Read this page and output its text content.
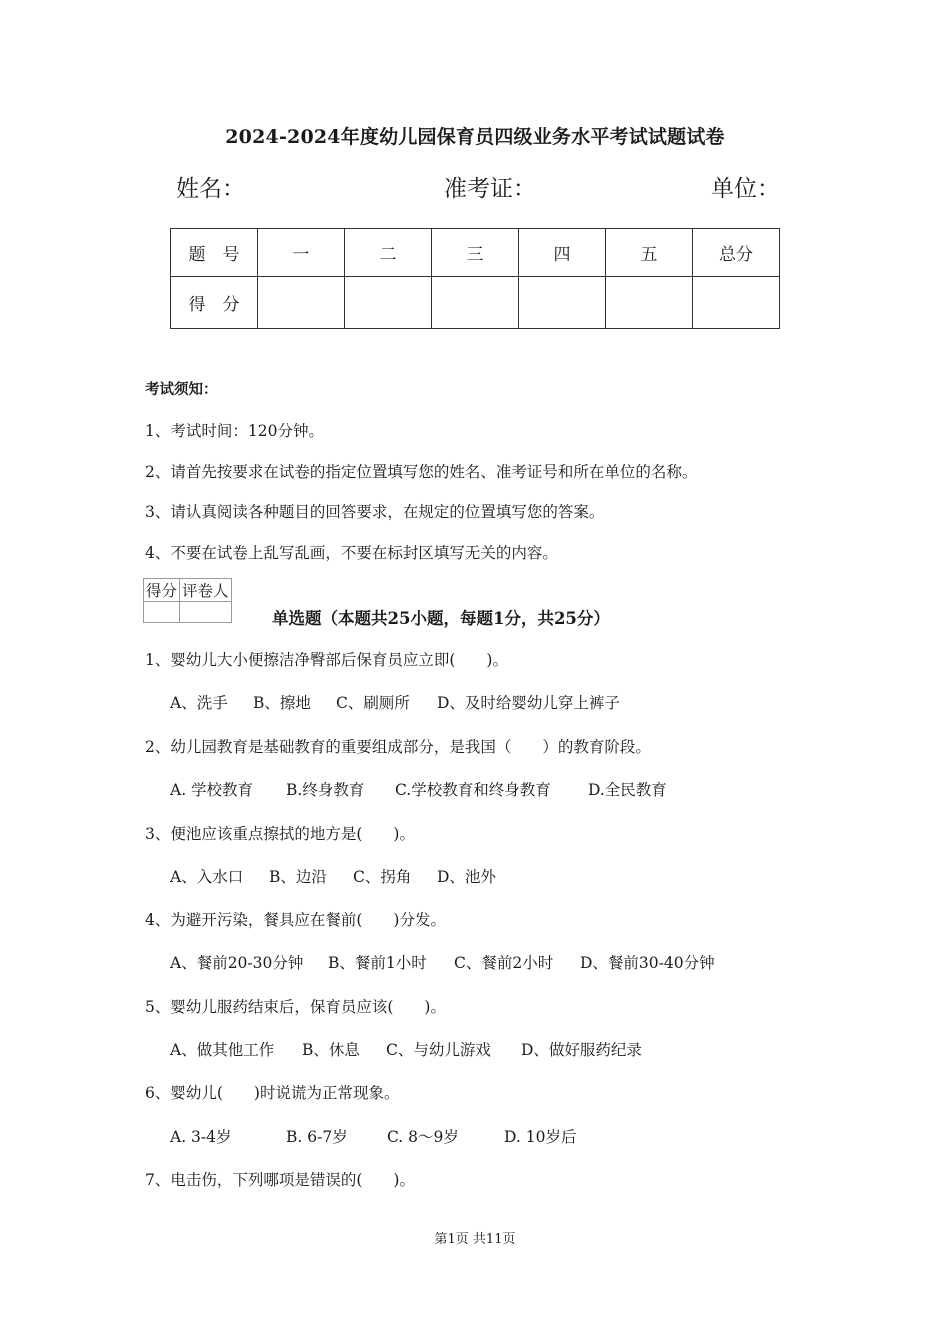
2024-2024年度幼儿园保育员四级业务水平考试试题试卷
姓名：	准考证：	单位：
题　号	一	二	三	四	五	总分
得　分						
考试须知：
1、考试时间：120分钟。
2、请首先按要求在试卷的指定位置填写您的姓名、准考证号和所在单位的名称。
3、请认真阅读各种题目的回答要求，在规定的位置填写您的答案。
4、不要在试卷上乱写乱画，不要在标封区填写无关的内容。
得分	评卷人

单选题（本题共25小题，每题1分，共25分）
1、婴幼儿大小便擦洁净臀部后保育员应立即(　　)。
A、洗手 B、擦地 C、刷厕所 D、及时给婴幼儿穿上裤子
2、幼儿园教育是基础教育的重要组成部分，是我国（　　）的教育阶段。
A. 学校教育 B.终身教育 C.学校教育和终身教育 D.全民教育
3、便池应该重点擦拭的地方是(　　)。
A、入水口 B、边沿 C、拐角 D、池外
4、为避开污染，餐具应在餐前(　　)分发。
A、餐前20-30分钟 B、餐前1小时 C、餐前2小时 D、餐前30-40分钟
5、婴幼儿服药结束后，保育员应该(　　)。
A、做其他工作 B、休息 C、与幼儿游戏 D、做好服药纪录
6、婴幼儿(　　)时说谎为正常现象。
A. 3-4岁	B. 6-7岁	C. 8～9岁	D. 10岁后
7、电击伤，下列哪项是错误的(　　)。
第1页 共11页
